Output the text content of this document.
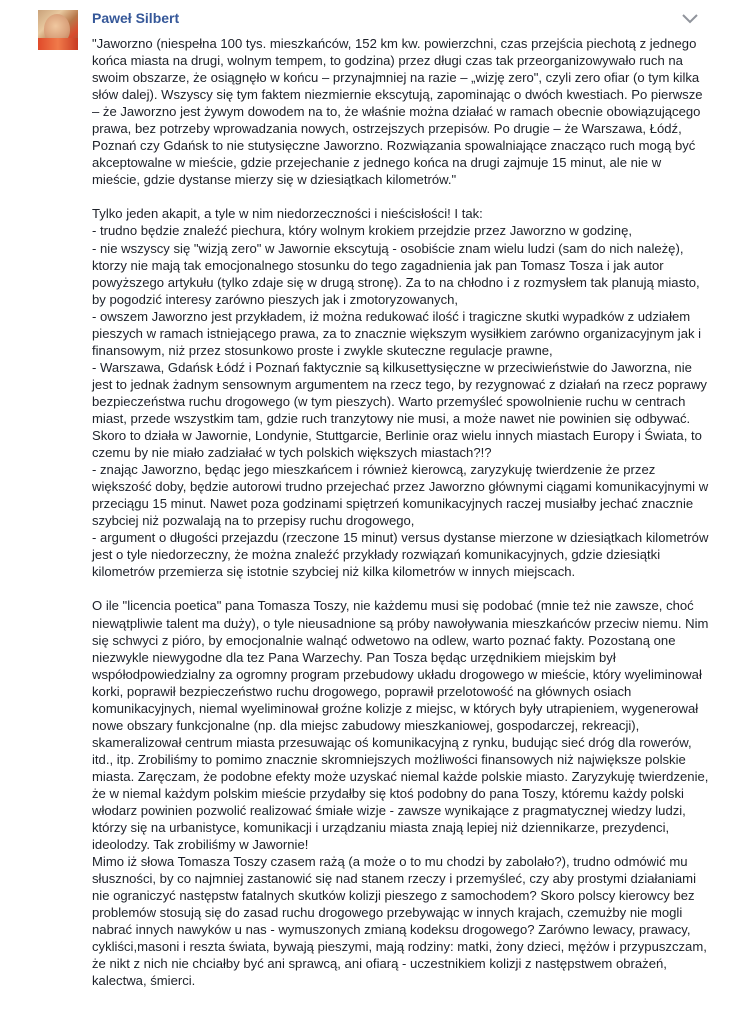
Paweł Silbert

"Jaworzno (niespełna 100 tys. mieszkańców, 152 km kw. powierzchni, czas przejścia piechotą z jednego końca miasta na drugi, wolnym tempem, to godzina) przez długi czas tak przeorganizowywało ruch na swoim obszarze, że osiągnęło w końcu – przynajmniej na razie – „wizję zero", czyli zero ofiar (o tym kilka słów dalej). Wszyscy się tym faktem niezmiernie ekscytują, zapominając o dwóch kwestiach. Po pierwsze – że Jaworzno jest żywym dowodem na to, że właśnie można działać w ramach obecnie obowiązującego prawa, bez potrzeby wprowadzania nowych, ostrzejszych przepisów. Po drugie – że Warszawa, Łódź, Poznań czy Gdańsk to nie stutysięczne Jaworzno. Rozwiązania spowalniające znacząco ruch mogą być akceptowalne w mieście, gdzie przejechanie z jednego końca na drugi zajmuje 15 minut, ale nie w mieście, gdzie dystanse mierzy się w dziesiątkach kilometrów."

Tylko jeden akapit, a tyle w nim niedorzeczności i nieścisłości! I tak:
- trudno będzie znaleźć piechura, który wolnym krokiem przejdzie przez Jaworzno w godzinę,
- nie wszyscy się "wizją zero" w Jawornie ekscytują - osobiście znam wielu ludzi (sam do nich należę), ktorzy nie mają tak emocjonalnego stosunku do tego zagadnienia jak pan Tomasz Tosza i jak autor powyższego artykułu (tylko zdaje się w drugą stronę). Za to na chłodno i z rozmysłem tak planują miasto, by pogodzić interesy zarówno pieszych jak i zmotoryzowanych,
- owszem Jaworzno jest przykładem, iż można redukować ilość i tragiczne skutki wypadków z udziałem pieszych w ramach istniejącego prawa, za to znacznie większym wysiłkiem zarówno organizacyjnym jak i finansowym, niż przez stosunkowo proste i zwykle skuteczne regulacje prawne,
- Warszawa, Gdańsk Łódź i Poznań faktycznie są kilkusettysięczne w przeciwieństwie do Jaworzna, nie jest to jednak żadnym sensownym argumentem na rzecz tego, by rezygnować z działań na rzecz poprawy bezpieczeństwa ruchu drogowego (w tym pieszych). Warto przemyśleć spowolnienie ruchu w centrach miast, przede wszystkim tam, gdzie ruch tranzytowy nie musi, a może nawet nie powinien się odbywać. Skoro to działa w Jawornie, Londynie, Stuttgarcie, Berlinie oraz wielu innych miastach Europy i Świata, to czemu by nie miało zadziałać w tych polskich większych miastach?!?
- znając Jaworzno, będąc jego mieszkańcem i również kierowcą, zaryzykuję twierdzenie że przez większość doby, będzie autorowi trudno przejechać przez Jaworzno głównymi ciągami komunikacyjnymi w przeciągu 15 minut. Nawet poza godzinami spiętrzeń komunikacyjnych raczej musiałby jechać znacznie szybciej niż pozwalają na to przepisy ruchu drogowego,
- argument o długości przejazdu (rzeczone 15 minut) versus dystanse mierzone w dziesiątkach kilometrów jest o tyle niedorzeczny, że można znaleźć przykłady rozwiązań komunikacyjnych, gdzie dziesiątki kilometrów przemierza się istotnie szybciej niż kilka kilometrów w innych miejscach.

O ile "licencia poetica" pana Tomasza Toszy, nie każdemu musi się podobać (mnie też nie zawsze, choć niewątpliwie talent ma duży), o tyle nieusadnione są próby nawoływania mieszkańców przeciw niemu. Nim się schwyci z pióro, by emocjonalnie walnąć odwetowo na odlew, warto poznać fakty. Pozostaną one niezwykle niewygodne dla tez Pana Warzechy. Pan Tosza będąc urzędnikiem miejskim był współodpowiedzialny za ogromny program przebudowy układu drogowego w mieście, który wyeliminował korki, poprawił bezpieczeństwo ruchu drogowego, poprawił przelotowość na głównych osiach komunikacyjnych, niemal wyeliminował groźne kolizje z miejsc, w których były utrapieniem, wygenerował nowe obszary funkcjonalne (np. dla miejsc zabudowy mieszkaniowej, gospodarczej, rekreacji), skameralizował centrum miasta przesuwając oś komunikacyjną z rynku, budując sieć dróg dla rowerów, itd., itp. Zrobiliśmy to pomimo znacznie skromniejszych możliwości finansowych niż największe polskie miasta. Zaręczam, że podobne efekty może uzyskać niemal każde polskie miasto. Zaryzykuję twierdzenie, że w niemal każdym polskim mieście przydałby się ktoś podobny do pana Toszy, któremu każdy polski włodarz powinien pozwolić realizować śmiałe wizje - zawsze wynikające z pragmatycznej wiedzy ludzi, którzy się na urbanistyce, komunikacji i urządzaniu miasta znają lepiej niż dziennikarze, prezydenci, ideolodzy. Tak zrobiliśmy w Jawornie!
Mimo iż słowa Tomasza Toszy czasem rażą (a może o to mu chodzi by zabolało?), trudno odmówić mu słuszności, by co najmniej zastanowić się nad stanem rzeczy i przemyśleć, czy aby prostymi działaniami nie ograniczyć następstw fatalnych skutków kolizji pieszego z samochodem? Skoro polscy kierowcy bez problemów stosują się do zasad ruchu drogowego przebywając w innych krajach, czemużby nie mogli nabrać innych nawyków u nas - wymuszonych zmianą kodeksu drogowego? Zarówno lewacy, prawacy, cykliści,masoni i reszta świata, bywają pieszymi, mają rodziny: matki, żony dzieci, mężów i przypuszczam, że nikt z nich nie chciałby być ani sprawcą, ani ofiarą - uczestnikiem kolizji z następstwem obrażeń, kalectwa, śmierci.
